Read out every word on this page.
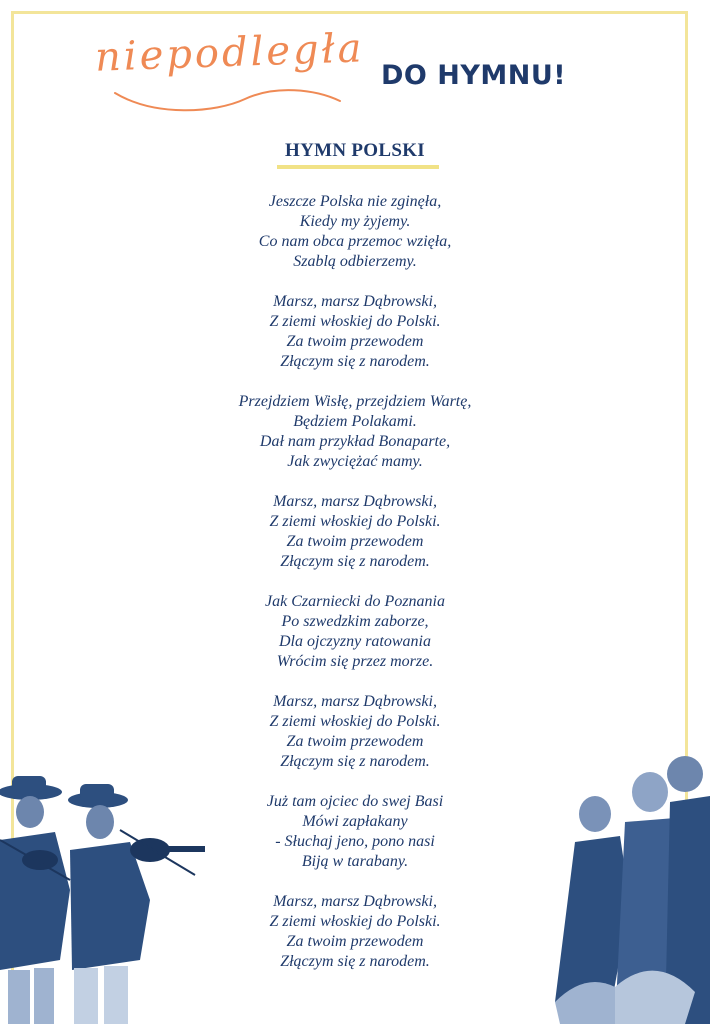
niepodległa DO HYMNU!
HYMN POLSKI
Jeszcze Polska nie zginęła,
Kiedy my żyjemy.
Co nam obca przemoc wzięła,
Szablą odbierzemy.
Marsz, marsz Dąbrowski,
Z ziemi włoskiej do Polski.
Za twoim przewodem
Złączym się z narodem.
Przejdziem Wisłę, przejdziem Wartę,
Będziem Polakami.
Dał nam przykład Bonaparte,
Jak zwyciężać mamy.
Marsz, marsz Dąbrowski,
Z ziemi włoskiej do Polski.
Za twoim przewodem
Złączym się z narodem.
Jak Czarniecki do Poznania
Po szwedzkim zaborze,
Dla ojczyzny ratowania
Wrócim się przez morze.
Marsz, marsz Dąbrowski,
Z ziemi włoskiej do Polski.
Za twoim przewodem
Złączym się z narodem.
Już tam ojciec do swej Basi
Mówi zapłakany
- Słuchaj jeno, pono nasi
Biją w tarabany.
Marsz, marsz Dąbrowski,
Z ziemi włoskiej do Polski.
Za twoim przewodem
Złączym się z narodem.
